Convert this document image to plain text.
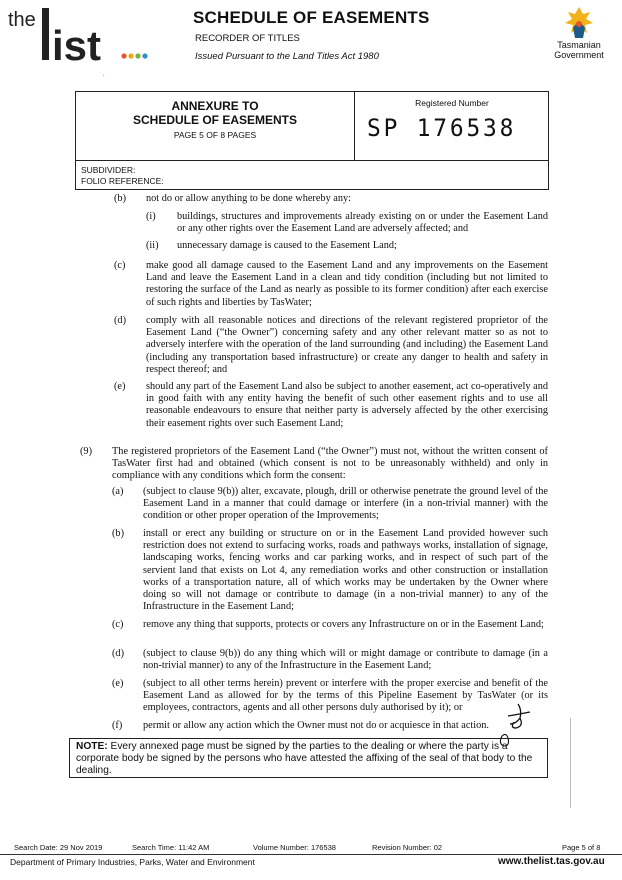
the
ist
SCHEDULE OF EASEMENTS
RECORDER OF TITLES
Issued Pursuant to the Land Titles Act 1980
Tasmanian
Government
'
ANNEXURE TO
SCHEDULE OF EASEMENTS
PAGE 5 OF 8 PAGES
Registered Number
SP 176538
SUBDIVIDER:
FOLIO REFERENCE:
(b) not do or allow anything to be done whereby any:
(i) buildings, structures and improvements already existing on or under the Easement Land or any other rights over the Easement Land are adversely affected; and
(ii) unnecessary damage is caused to the Easement Land;
(c) make good all damage caused to the Easement Land and any improvements on the Easement Land and leave the Easement Land in a clean and tidy condition (including but not limited to restoring the surface of the Land as nearly as possible to its former condition) after each exercise of such rights and liberties by TasWater;
(d) comply with all reasonable notices and directions of the relevant registered proprietor of the Easement Land (“the Owner”) concerning safety and any other relevant matter so as not to adversely interfere with the operation of the land surrounding (and including) the Easement Land (including any transportation based infrastructure) or create any danger to health and safety in respect thereof; and
(e) should any part of the Easement Land also be subject to another easement, act co-operatively and in good faith with any entity having the benefit of such other easement rights and to use all reasonable endeavours to ensure that neither party is adversely affected by the other exercising their easement rights over such Easement Land;
(9) The registered proprietors of the Easement Land (“the Owner”) must not, without the written consent of TasWater first had and obtained (which consent is not to be unreasonably withheld) and only in compliance with any conditions which form the consent:
(a) (subject to clause 9(b)) alter, excavate, plough, drill or otherwise penetrate the ground level of the Easement Land in a manner that could damage or interfere (in a non-trivial manner) with the condition or other proper operation of the Improvements;
(b) install or erect any building or structure on or in the Easement Land provided however such restriction does not extend to surfacing works, roads and pathways works, installation of signage, landscaping works, fencing works and car parking works, and in respect of such part of the servient land that exists on Lot 4, any remediation works and other construction or installation works of a transportation nature, all of which works may be undertaken by the Owner where doing so will not damage or contribute to damage (in a non-trivial manner) to any of the Infrastructure in the Easement Land;
(c) remove any thing that supports, protects or covers any Infrastructure on or in the Easement Land;
(d) (subject to clause 9(b)) do any thing which will or might damage or contribute to damage (in a non-trivial manner) to any of the Infrastructure in the Easement Land;
(e) (subject to all other terms herein) prevent or interfere with the proper exercise and benefit of the Easement Land as allowed for by the terms of this Pipeline Easement by TasWater (or its employees, contractors, agents and all other persons duly authorised by it); or
(f) permit or allow any action which the Owner must not do or acquiesce in that action.
NOTE: Every annexed page must be signed by the parties to the dealing or where the party is a corporate body be signed by the persons who have attested the affixing of the seal of that body to the dealing.
Search Date: 29 Nov 2019	Search Time: 11:42 AM	Volume Number: 176538	Revision Number: 02	Page 5 of 8
Department of Primary Industries, Parks, Water and Environment	www.thelist.tas.gov.au
